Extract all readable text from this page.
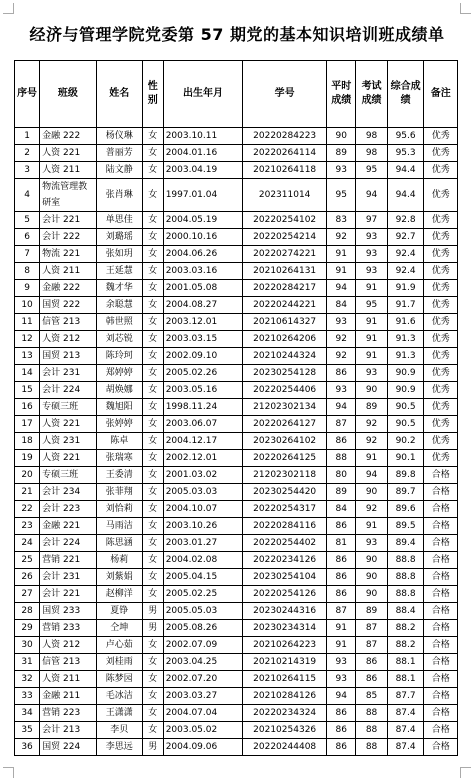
经济与管理学院党委第 57 期党的基本知识培训班成绩单
序号	班级	姓名	性别	出生年月	学号	平时成绩	考试成绩	综合成绩	备注
1	金融 222	杨仪琳	女	2003.10.11	20220284223	90	98	95.6	优秀
2	人资 221	普丽芳	女	2004.01.16	20220264114	89	98	95.3	优秀
3	人资 211	陆文静	女	2003.04.19	20210264118	93	95	94.4	优秀
4	物流管理教研室	张肖琳	女	1997.01.04	202311014	95	94	94.4	优秀
5	会计 221	单思佳	女	2004.05.19	20220254102	83	97	92.8	优秀
6	会计 222	刘璐瑶	女	2000.10.16	20220254214	92	93	92.7	优秀
7	物流 221	张如玥	女	2004.06.26	20220274221	91	93	92.4	优秀
8	人资 211	王延慧	女	2003.03.16	20210264131	91	93	92.4	优秀
9	金融 222	魏才华	女	2001.05.08	20220284217	94	91	91.9	优秀
10	国贸 222	余聪慧	女	2004.08.27	20220244221	84	95	91.7	优秀
11	信管 213	韩世照	女	2003.12.01	20210614327	93	91	91.6	优秀
12	人资 212	刘芯锐	女	2003.03.15	20210264206	92	91	91.3	优秀
13	国贸 213	陈玲珂	女	2002.09.10	20210244324	92	91	91.3	优秀
14	会计 231	郑婷婷	女	2005.02.26	20230254128	86	93	90.9	优秀
15	会计 224	胡焕娜	女	2003.05.16	20220254406	93	90	90.9	优秀
16	专硕三班	魏旭阳	女	1998.11.24	21202302134	94	89	90.5	优秀
17	人资 221	张婷婷	女	2003.06.07	20220264127	87	92	90.5	优秀
18	人资 231	陈卓	女	2004.12.17	20230264102	86	92	90.2	优秀
19	人资 221	张瑞寒	女	2002.12.01	20220264125	88	91	90.1	优秀
20	专硕三班	王委清	女	2001.03.02	21202302118	80	94	89.8	合格
21	会计 234	张菲翔	女	2005.03.03	20230254420	89	90	89.7	合格
22	会计 223	刘恰莉	女	2004.10.07	20220254317	84	92	89.6	合格
23	金融 221	马雨洁	女	2003.10.26	20220284116	86	91	89.5	合格
24	会计 224	陈思涵	女	2003.01.27	20220254402	81	93	89.4	合格
25	营销 221	杨莉	女	2004.02.08	20220234126	86	90	88.8	合格
26	会计 231	刘紫娟	女	2005.04.15	20230254104	86	90	88.8	合格
27	会计 221	赵柳洋	女	2005.02.25	20220254126	86	90	88.8	合格
28	国贸 233	夏铮	男	2005.05.03	20230244316	87	89	88.4	合格
29	营销 233	仝坤	男	2005.08.26	20230234314	91	87	88.2	合格
30	人资 212	卢心茹	女	2002.07.09	20210264223	91	87	88.2	合格
31	信管 213	刘桂雨	女	2003.04.25	20210214319	93	86	88.1	合格
32	人资 211	陈梦园	女	2002.07.20	20210264115	93	86	88.1	合格
33	金融 211	毛冰洁	女	2003.03.27	20210284126	94	85	87.7	合格
34	营销 223	王潇潇	女	2004.07.04	20220234324	86	88	87.4	合格
35	会计 213	李贝	女	2003.05.02	20210254326	86	88	87.4	合格
36	国贸 224	李思远	男	2004.09.06	20220244408	86	88	87.4	合格
